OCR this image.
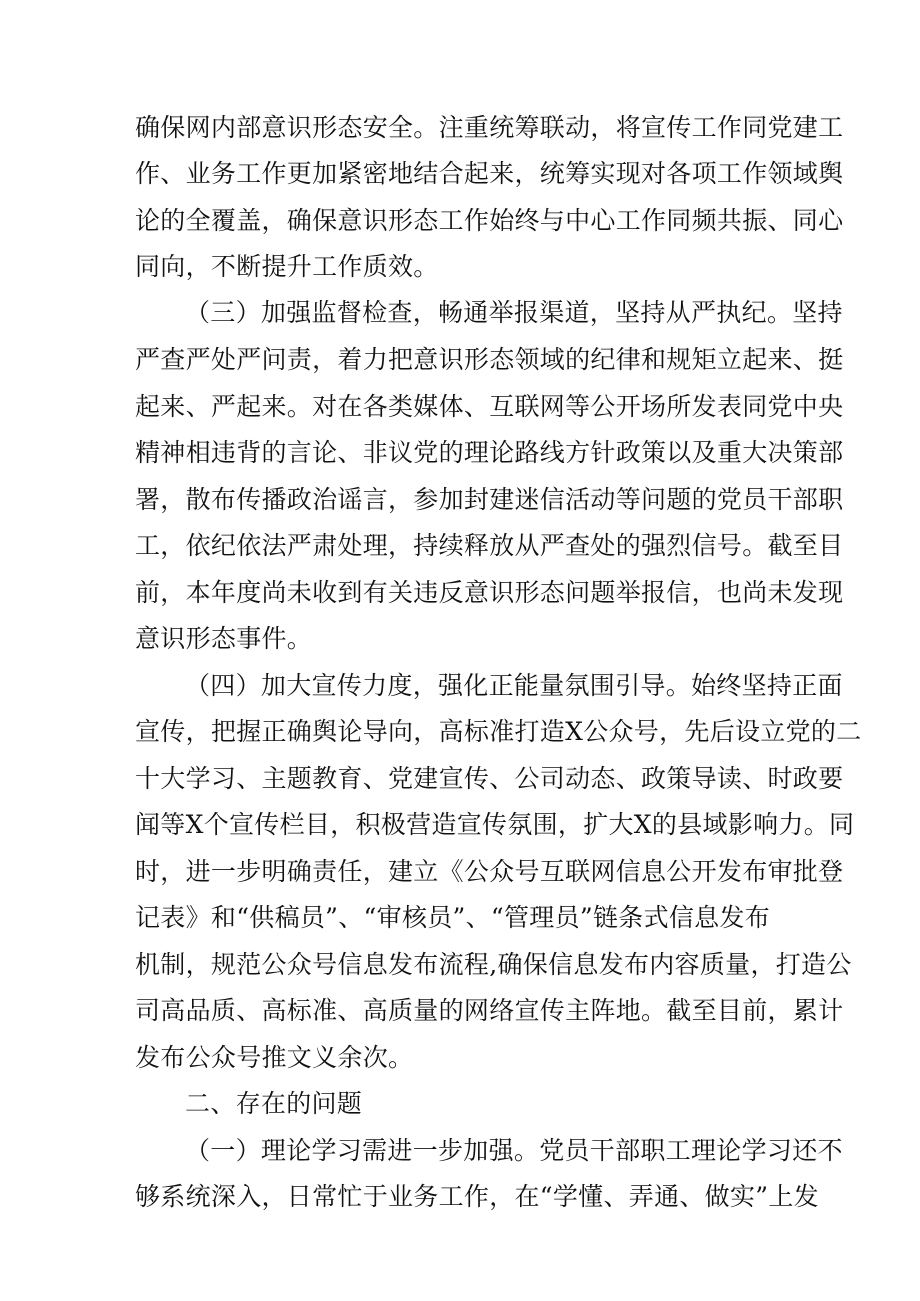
确保网内部意识形态安全。注重统筹联动，将宣传工作同党建工
作、业务工作更加紧密地结合起来，统筹实现对各项工作领域舆
论的全覆盖，确保意识形态工作始终与中心工作同频共振、同心
同向，不断提升工作质效。
（三）加强监督检查，畅通举报渠道，坚持从严执纪。坚持
严查严处严问责，着力把意识形态领域的纪律和规矩立起来、挺
起来、严起来。对在各类媒体、互联网等公开场所发表同党中央
精神相违背的言论、非议党的理论路线方针政策以及重大决策部
署，散布传播政治谣言，参加封建迷信活动等问题的党员干部职
工，依纪依法严肃处理，持续释放从严查处的强烈信号。截至目
前，本年度尚未收到有关违反意识形态问题举报信，也尚未发现
意识形态事件。
（四）加大宣传力度，强化正能量氛围引导。始终坚持正面
宣传，把握正确舆论导向，高标准打造X公众号，先后设立党的二
十大学习、主题教育、党建宣传、公司动态、政策导读、时政要
闻等X个宣传栏目，积极营造宣传氛围，扩大X的县域影响力。同
时，进一步明确责任，建立《公众号互联网信息公开发布审批登
记表》和“供稿员”、“审核员”、“管理员”链条式信息发布
机制，规范公众号信息发布流程,确保信息发布内容质量，打造公
司高品质、高标准、高质量的网络宣传主阵地。截至目前，累计
发布公众号推文义余次。
二、存在的问题
（一）理论学习需进一步加强。党员干部职工理论学习还不
够系统深入，日常忙于业务工作，在“学懂、弄通、做实”上发
